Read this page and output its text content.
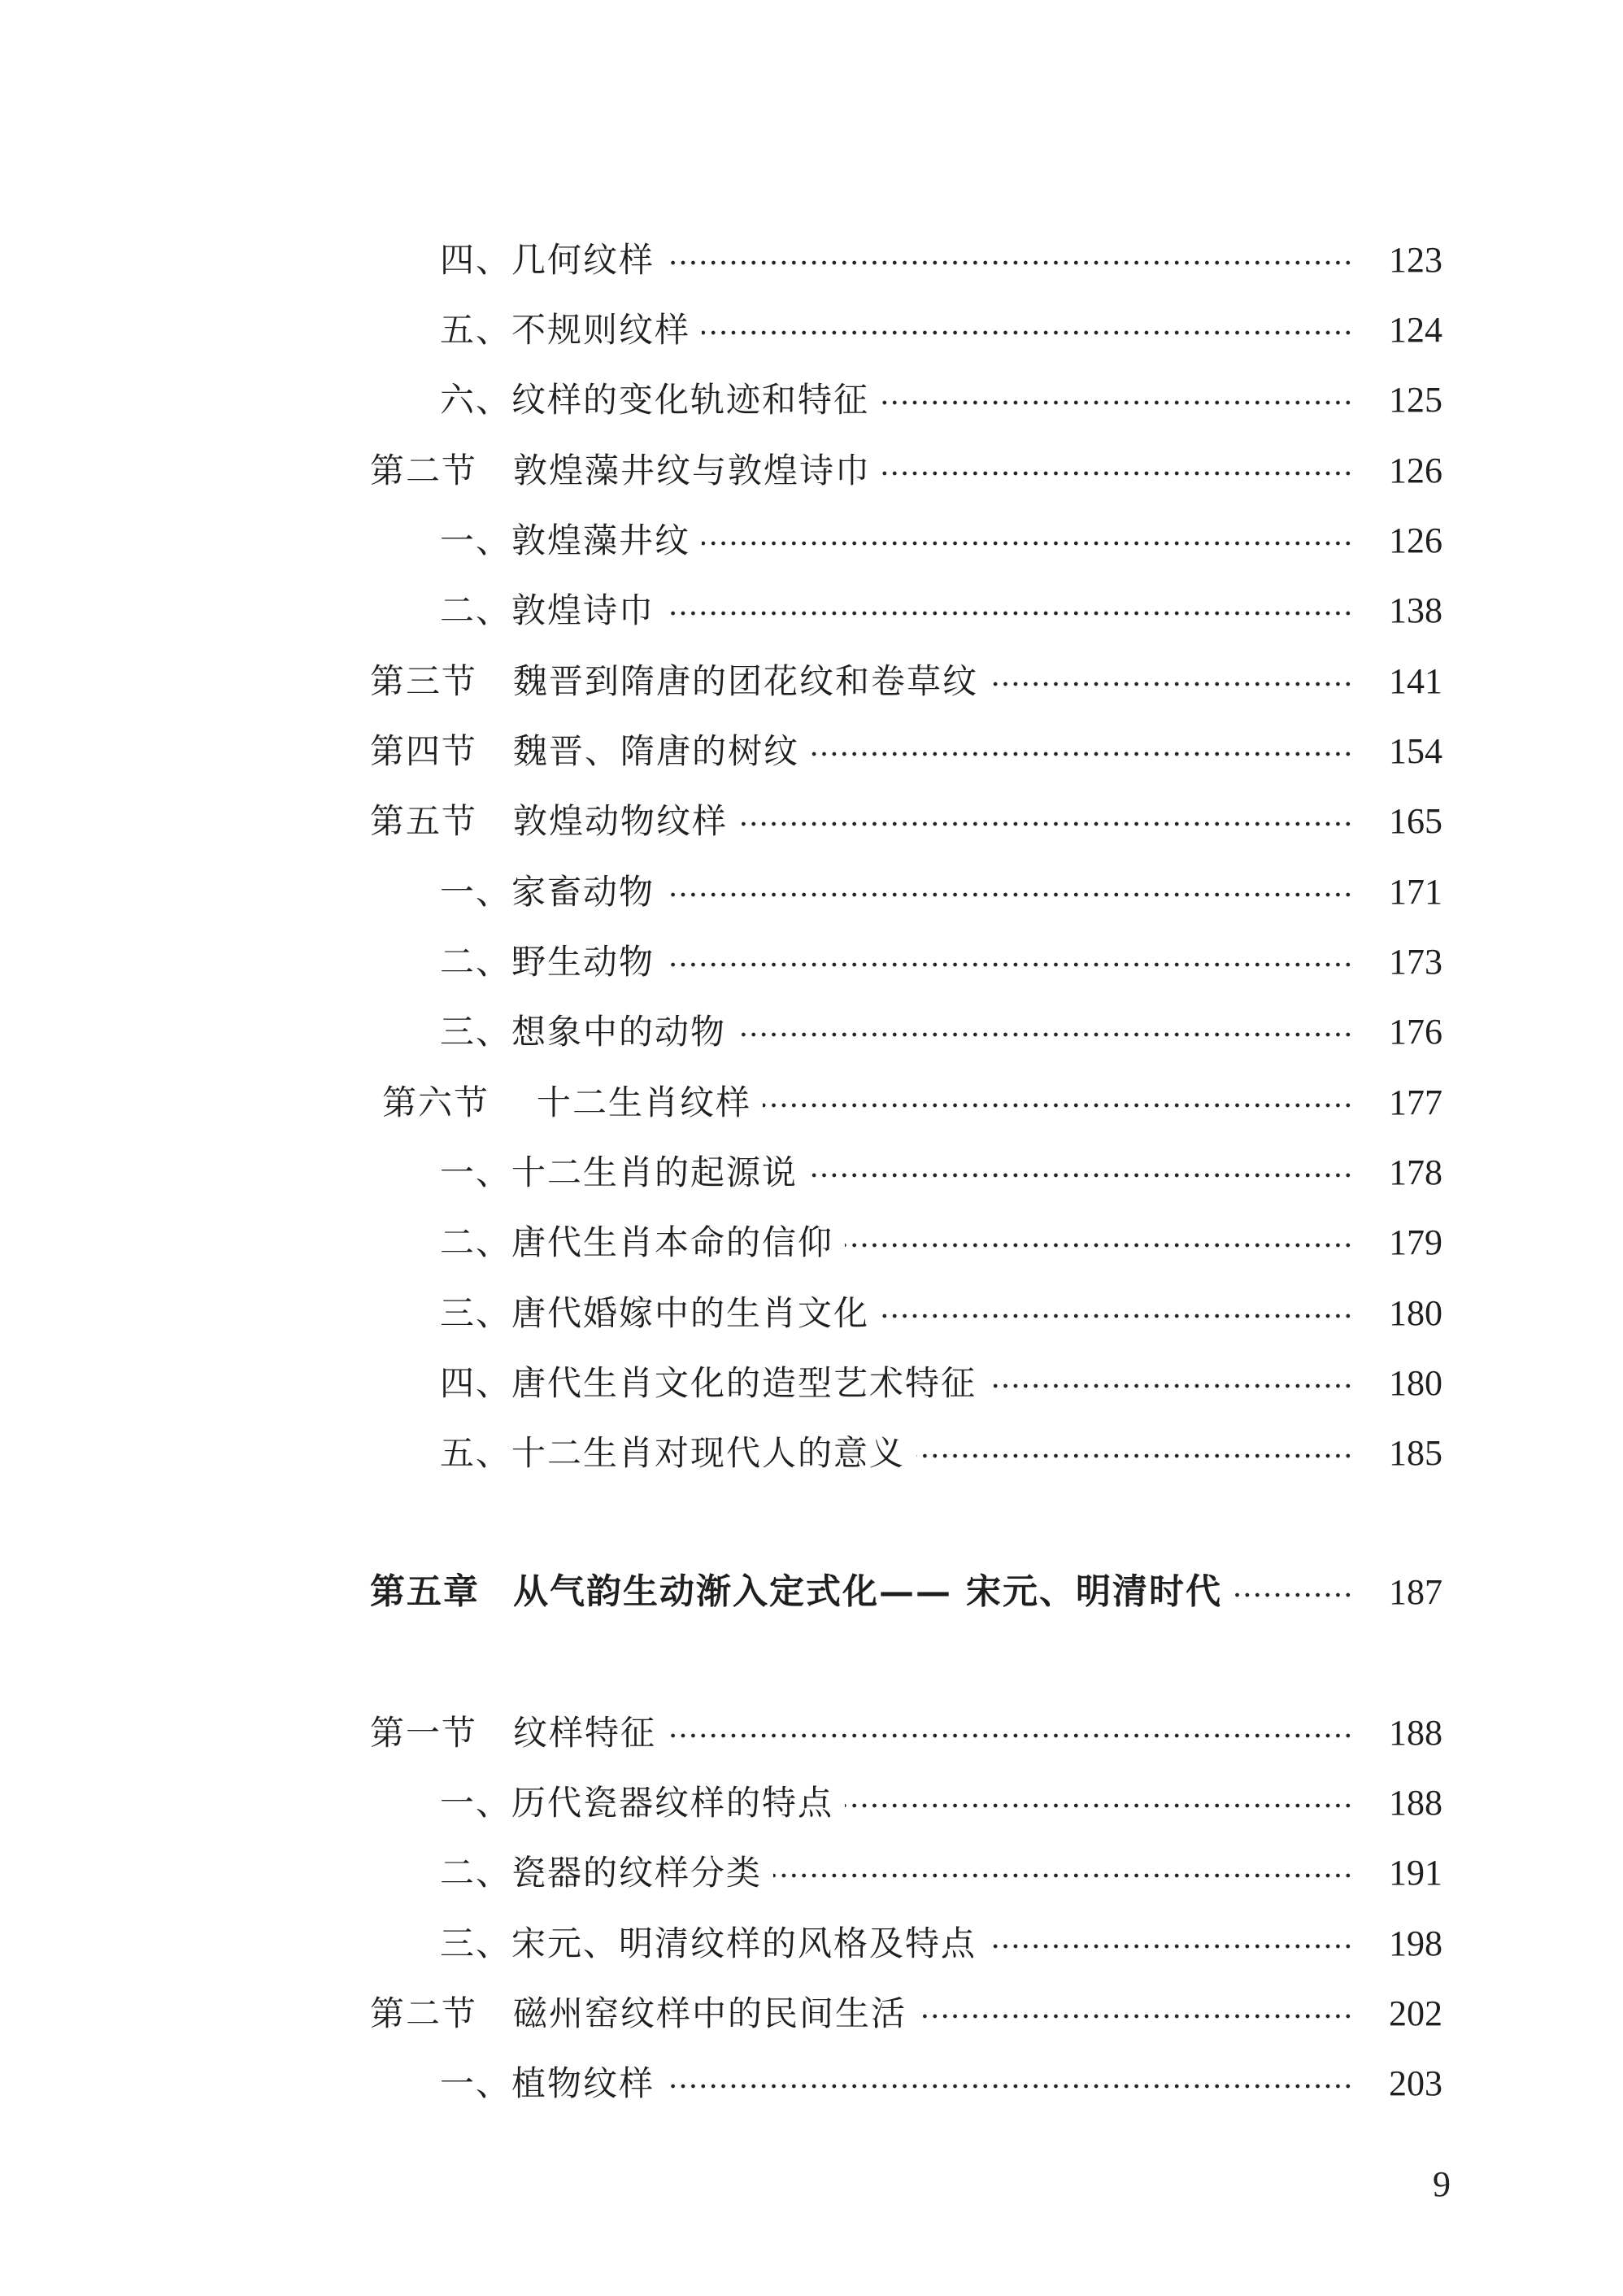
四、几何纹样	123
五、不规则纹样	124
六、纹样的变化轨迹和特征	125
第二节	敦煌藻井纹与敦煌诗巾	126
一、敦煌藻井纹	126
二、敦煌诗巾	138
第三节	魏晋到隋唐的团花纹和卷草纹	141
第四节	魏晋、隋唐的树纹	154
第五节	敦煌动物纹样	165
一、家畜动物	171
二、野生动物	173
三、想象中的动物	176
第六节	十二生肖纹样	177
一、十二生肖的起源说	178
二、唐代生肖本命的信仰	179
三、唐代婚嫁中的生肖文化	180
四、唐代生肖文化的造型艺术特征	180
五、十二生肖对现代人的意义	185
第五章 从气韵生动渐入定式化—— 宋元、明清时代	187
第一节	纹样特征	188
一、历代瓷器纹样的特点	188
二、瓷器的纹样分类	191
三、宋元、明清纹样的风格及特点	198
第二节	磁州窑纹样中的民间生活	202
一、植物纹样	203
9
